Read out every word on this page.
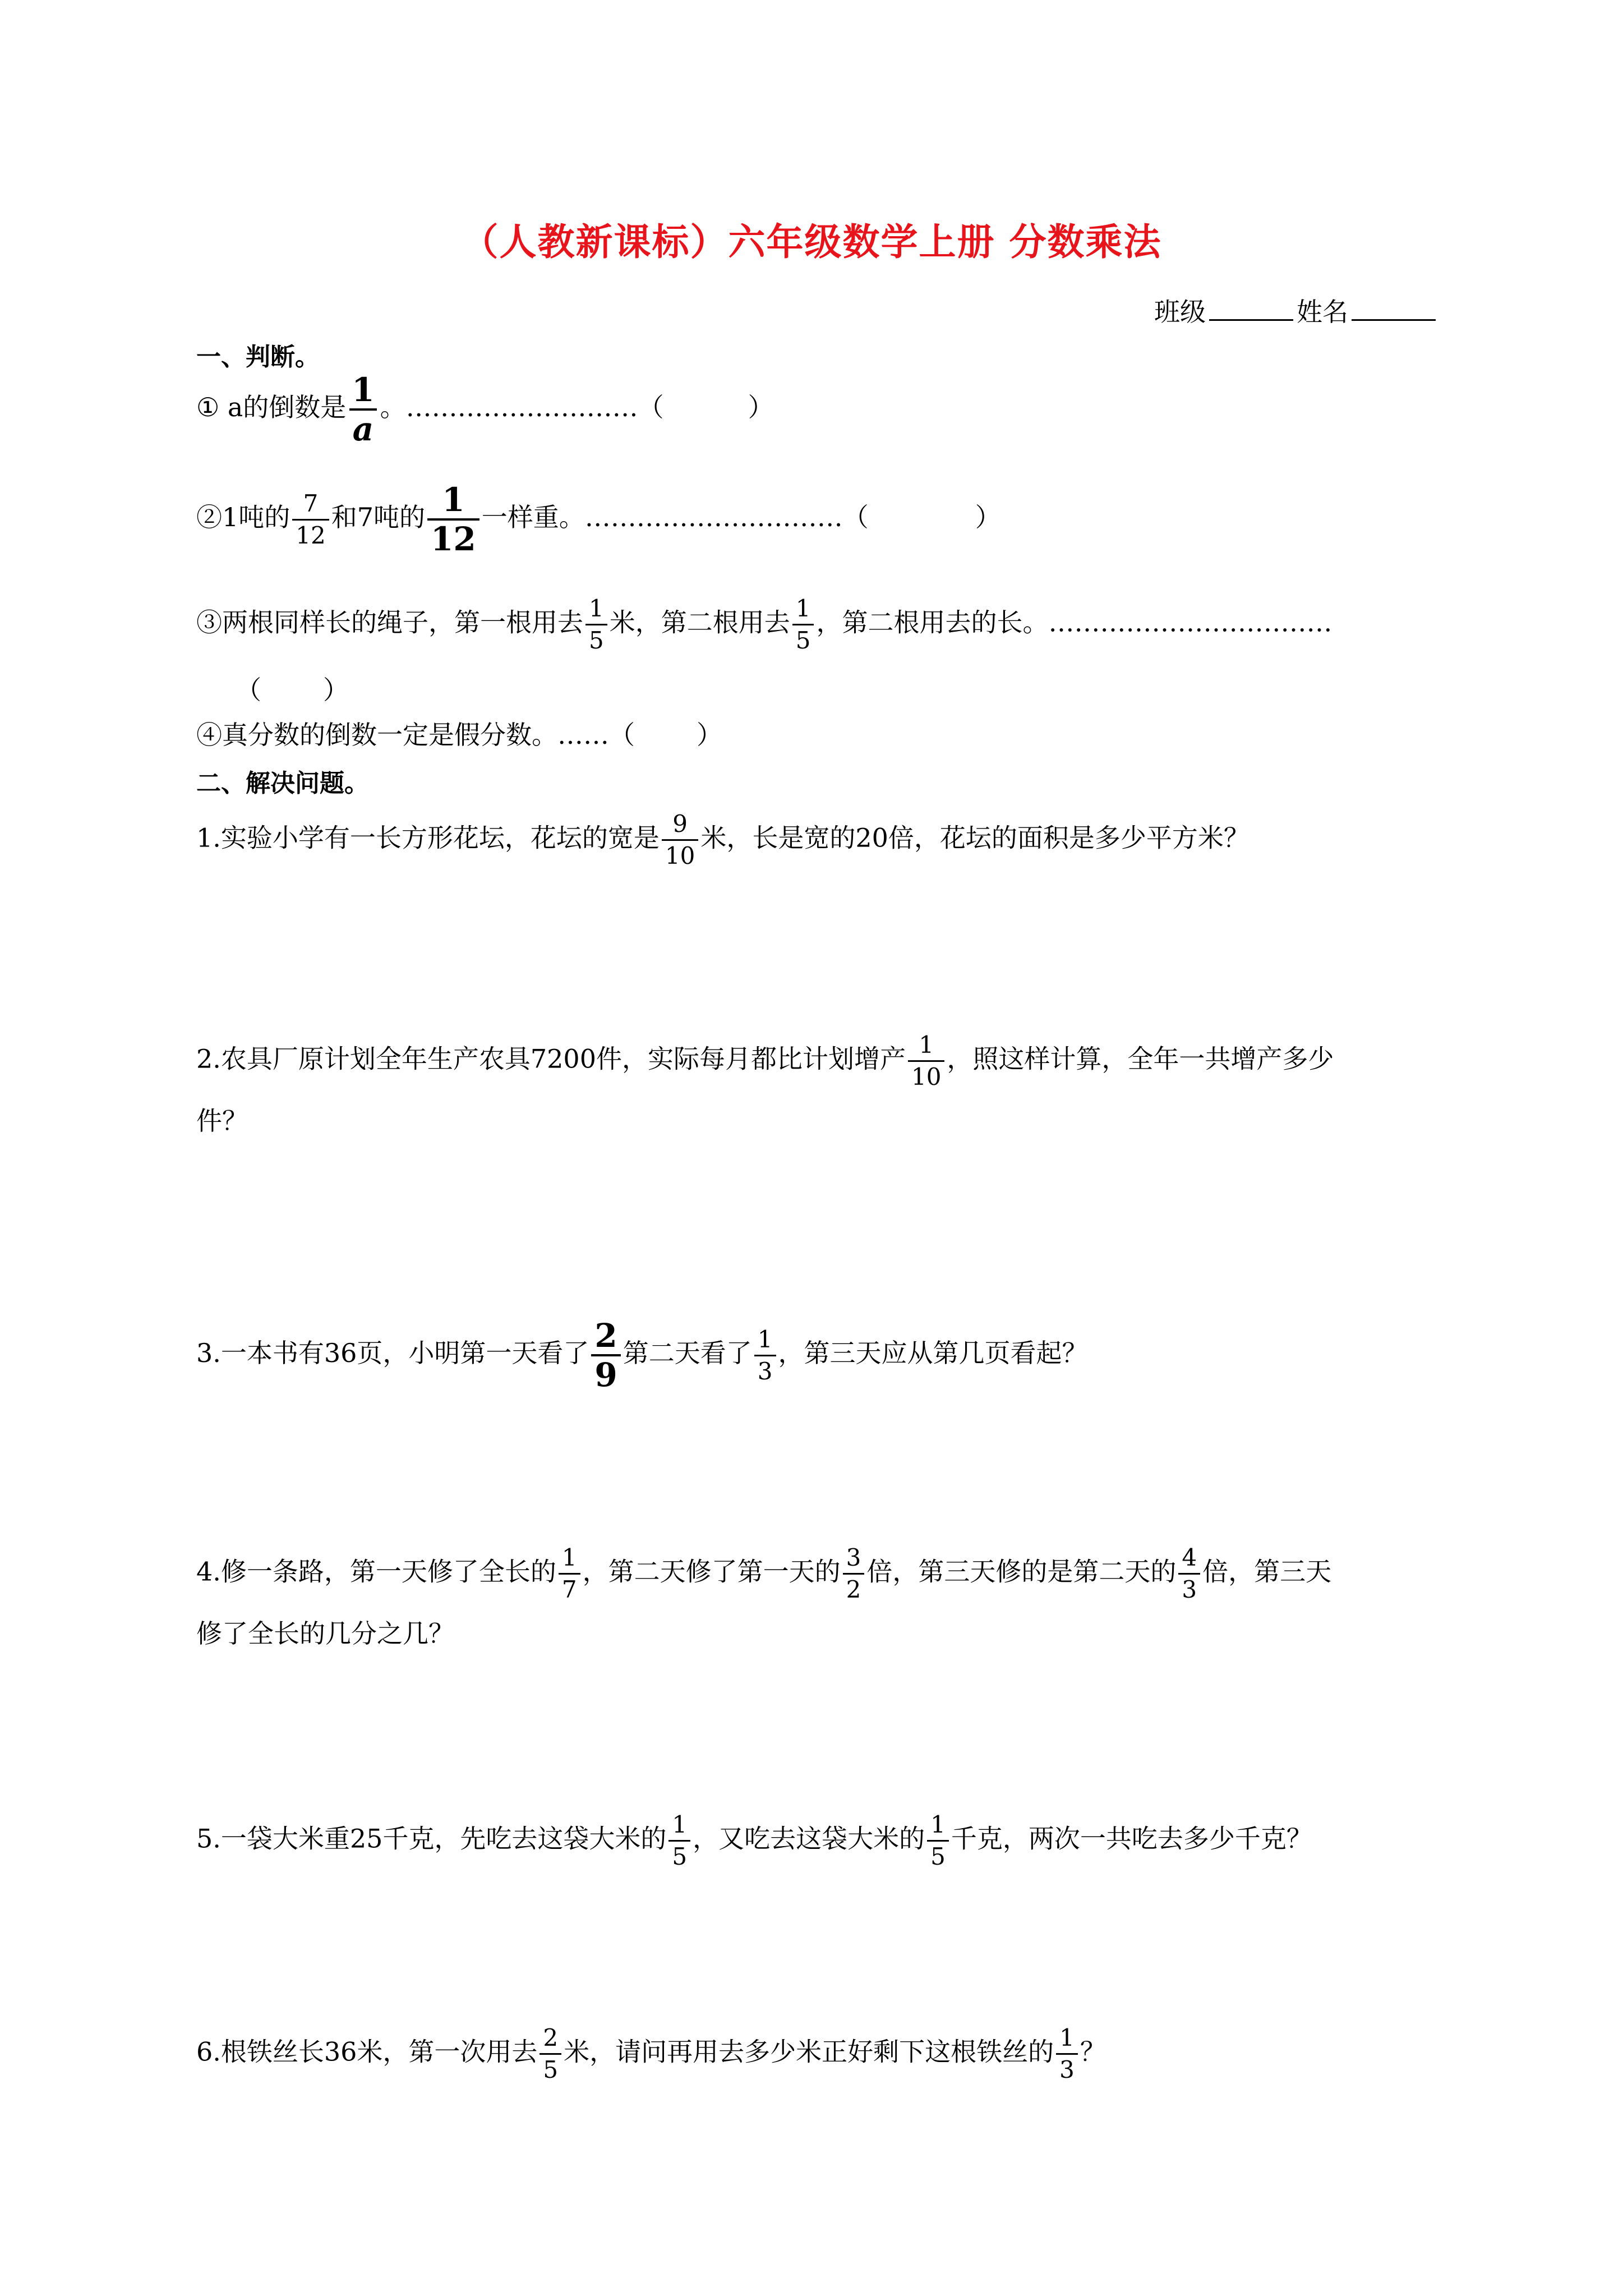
（人教新课标）六年级数学上册 分数乘法
班级	姓名
一、判断。
① a的倒数是 $\frac{1}{a}$ 。………………………（	）
②1吨的 $\frac{7}{12}$ 和7吨的 $\frac{1}{12}$ 一样重。…………………………（	）
③两根同样长的绳子，第一根用去 $\frac{1}{5}$ 米，第二根用去 $\frac{1}{5}$ ，第二根用去的长。……………………………
（ ）
④真分数的倒数一定是假分数。……（ ）
二、解决问题。
1.实验小学有一长方形花坛，花坛的宽是 $\frac{9}{10}$ 米，长是宽的20倍，花坛的面积是多少平方米？
2.农具厂原计划全年生产农具7200件，实际每月都比计划增产 $\frac{1}{10}$ ，照这样计算，全年一共增产多少
件？
3.一本书有36页，小明第一天看了 $\frac{2}{9}$ 第二天看了 $\frac{1}{3}$ ，第三天应从第几页看起？
4.修一条路，第一天修了全长的 $\frac{1}{7}$ ，第二天修了第一天的 $\frac{3}{2}$ 倍，第三天修的是第二天的 $\frac{4}{3}$ 倍，第三天
修了全长的几分之几？
5.一袋大米重25千克，先吃去这袋大米的 $\frac{1}{5}$ ，又吃去这袋大米的 $\frac{1}{5}$ 千克，两次一共吃去多少千克？
6.根铁丝长36米，第一次用去 $\frac{2}{5}$ 米，请问再用去多少米正好剩下这根铁丝的 $\frac{1}{3}$ ？
